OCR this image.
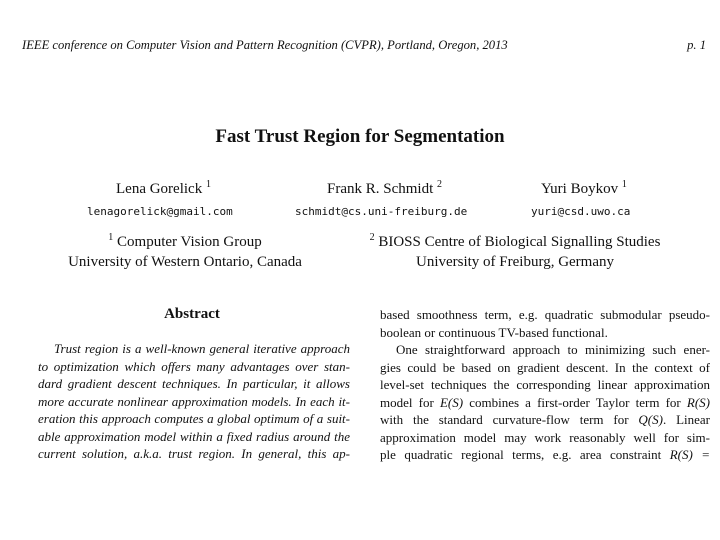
IEEE conference on Computer Vision and Pattern Recognition (CVPR), Portland, Oregon, 2013	p. 1
Fast Trust Region for Segmentation
Lena Gorelick $^1$	Frank R. Schmidt $^2$	Yuri Boykov $^1$
lenagorelick@gmail.com	schmidt@cs.uni-freiburg.de	yuri@csd.uwo.ca
$^1$ Computer Vision Group
University of Western Ontario, Canada
$^2$ BIOSS Centre of Biological Signalling Studies
University of Freiburg, Germany
Abstract
Trust region is a well-known general iterative approach
to optimization which offers many advantages over stan-
dard gradient descent techniques. In particular, it allows
more accurate nonlinear approximation models. In each it-
eration this approach computes a global optimum of a suit-
able approximation model within a fixed radius around the
current solution, a.k.a. trust region. In general, this ap-
based smoothness term, e.g. quadratic submodular pseudo-
boolean or continuous TV-based functional.
One straightforward approach to minimizing such ener-
gies could be based on gradient descent. In the context of
level-set techniques the corresponding linear approximation
model for E(S) combines a first-order Taylor term for R(S)
with the standard curvature-flow term for Q(S). Linear
approximation model may work reasonably well for sim-
ple quadratic regional terms, e.g. area constraint R(S) =
